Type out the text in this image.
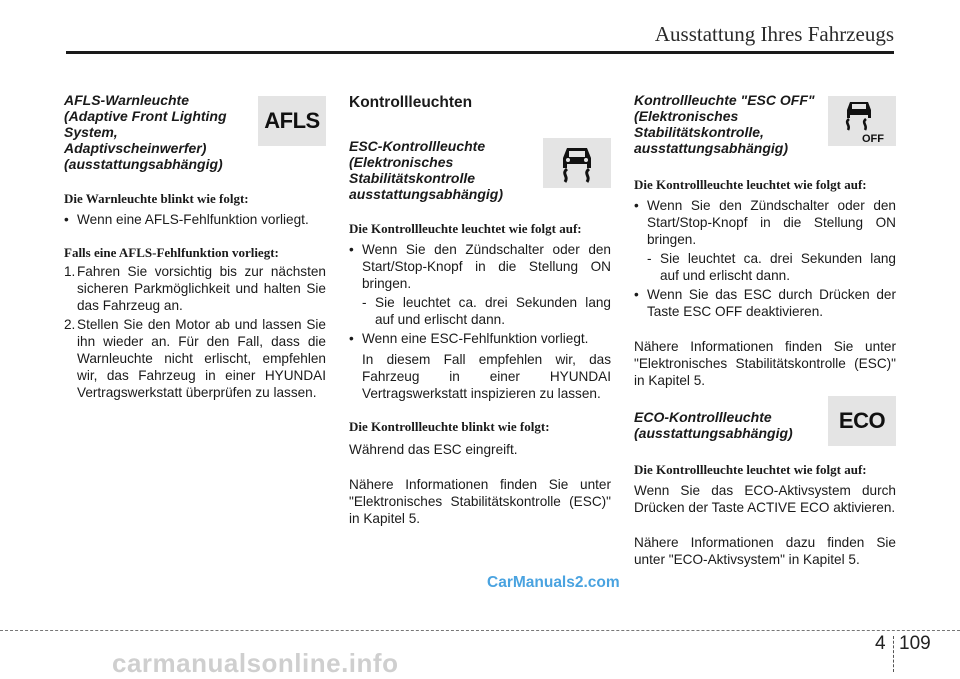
Ausstattung Ihres Fahrzeugs

AFLS-Warnleuchte
(Adaptive Front Lighting
System,
Adaptivscheinwerfer)
(ausstattungsabhängig)

Die Warnleuchte blinkt wie folgt:

• Wenn eine AFLS-Fehlfunktion vorliegt.

Falls eine AFLS-Fehlfunktion vorliegt:

1. Fahren Sie vorsichtig bis zur nächsten sicheren Parkmöglichkeit und halten Sie das Fahrzeug an.

2. Stellen Sie den Motor ab und lassen Sie ihn wieder an. Für den Fall, dass die Warnleuchte nicht erlischt, empfehlen wir, das Fahrzeug in einer HYUNDAI Vertragswerkstatt überprüfen zu lassen.

AFLS

Kontrollleuchten

ESC-Kontrollleuchte
(Elektronisches
Stabilitätskontrolle
ausstattungsabhängig)

Die Kontrollleuchte leuchtet wie folgt auf:

• Wenn Sie den Zündschalter oder den Start/Stop-Knopf in die Stellung ON bringen.

- Sie leuchtet ca. drei Sekunden lang auf und erlischt dann.

• Wenn eine ESC-Fehlfunktion vorliegt.

In diesem Fall empfehlen wir, das Fahrzeug in einer HYUNDAI Vertragswerkstatt inspizieren zu lassen.

Die Kontrollleuchte blinkt wie folgt:

Während das ESC eingreift.

Nähere Informationen finden Sie unter "Elektronisches Stabilitätskontrolle (ESC)" in Kapitel 5.

Kontrollleuchte "ESC OFF"
(Elektronisches
Stabilitätskontrolle,
ausstattungsabhängig)

Die Kontrollleuchte leuchtet wie folgt auf:

• Wenn Sie den Zündschalter oder den Start/Stop-Knopf in die Stellung ON bringen.

- Sie leuchtet ca. drei Sekunden lang auf und erlischt dann.

• Wenn Sie das ESC durch Drücken der Taste ESC OFF deaktivieren.

Nähere Informationen finden Sie unter "Elektronisches Stabilitätskontrolle (ESC)" in Kapitel 5.

ECO-Kontrollleuchte
(ausstattungsabhängig)

Die Kontrollleuchte leuchtet wie folgt auf:

Wenn Sie das ECO-Aktivsystem durch Drücken der Taste ACTIVE ECO aktivieren.

Nähere Informationen dazu finden Sie unter "ECO-Aktivsystem" in Kapitel 5.

OFF
ECO
CarManuals2.com
4 109
carmanualsonline.info
